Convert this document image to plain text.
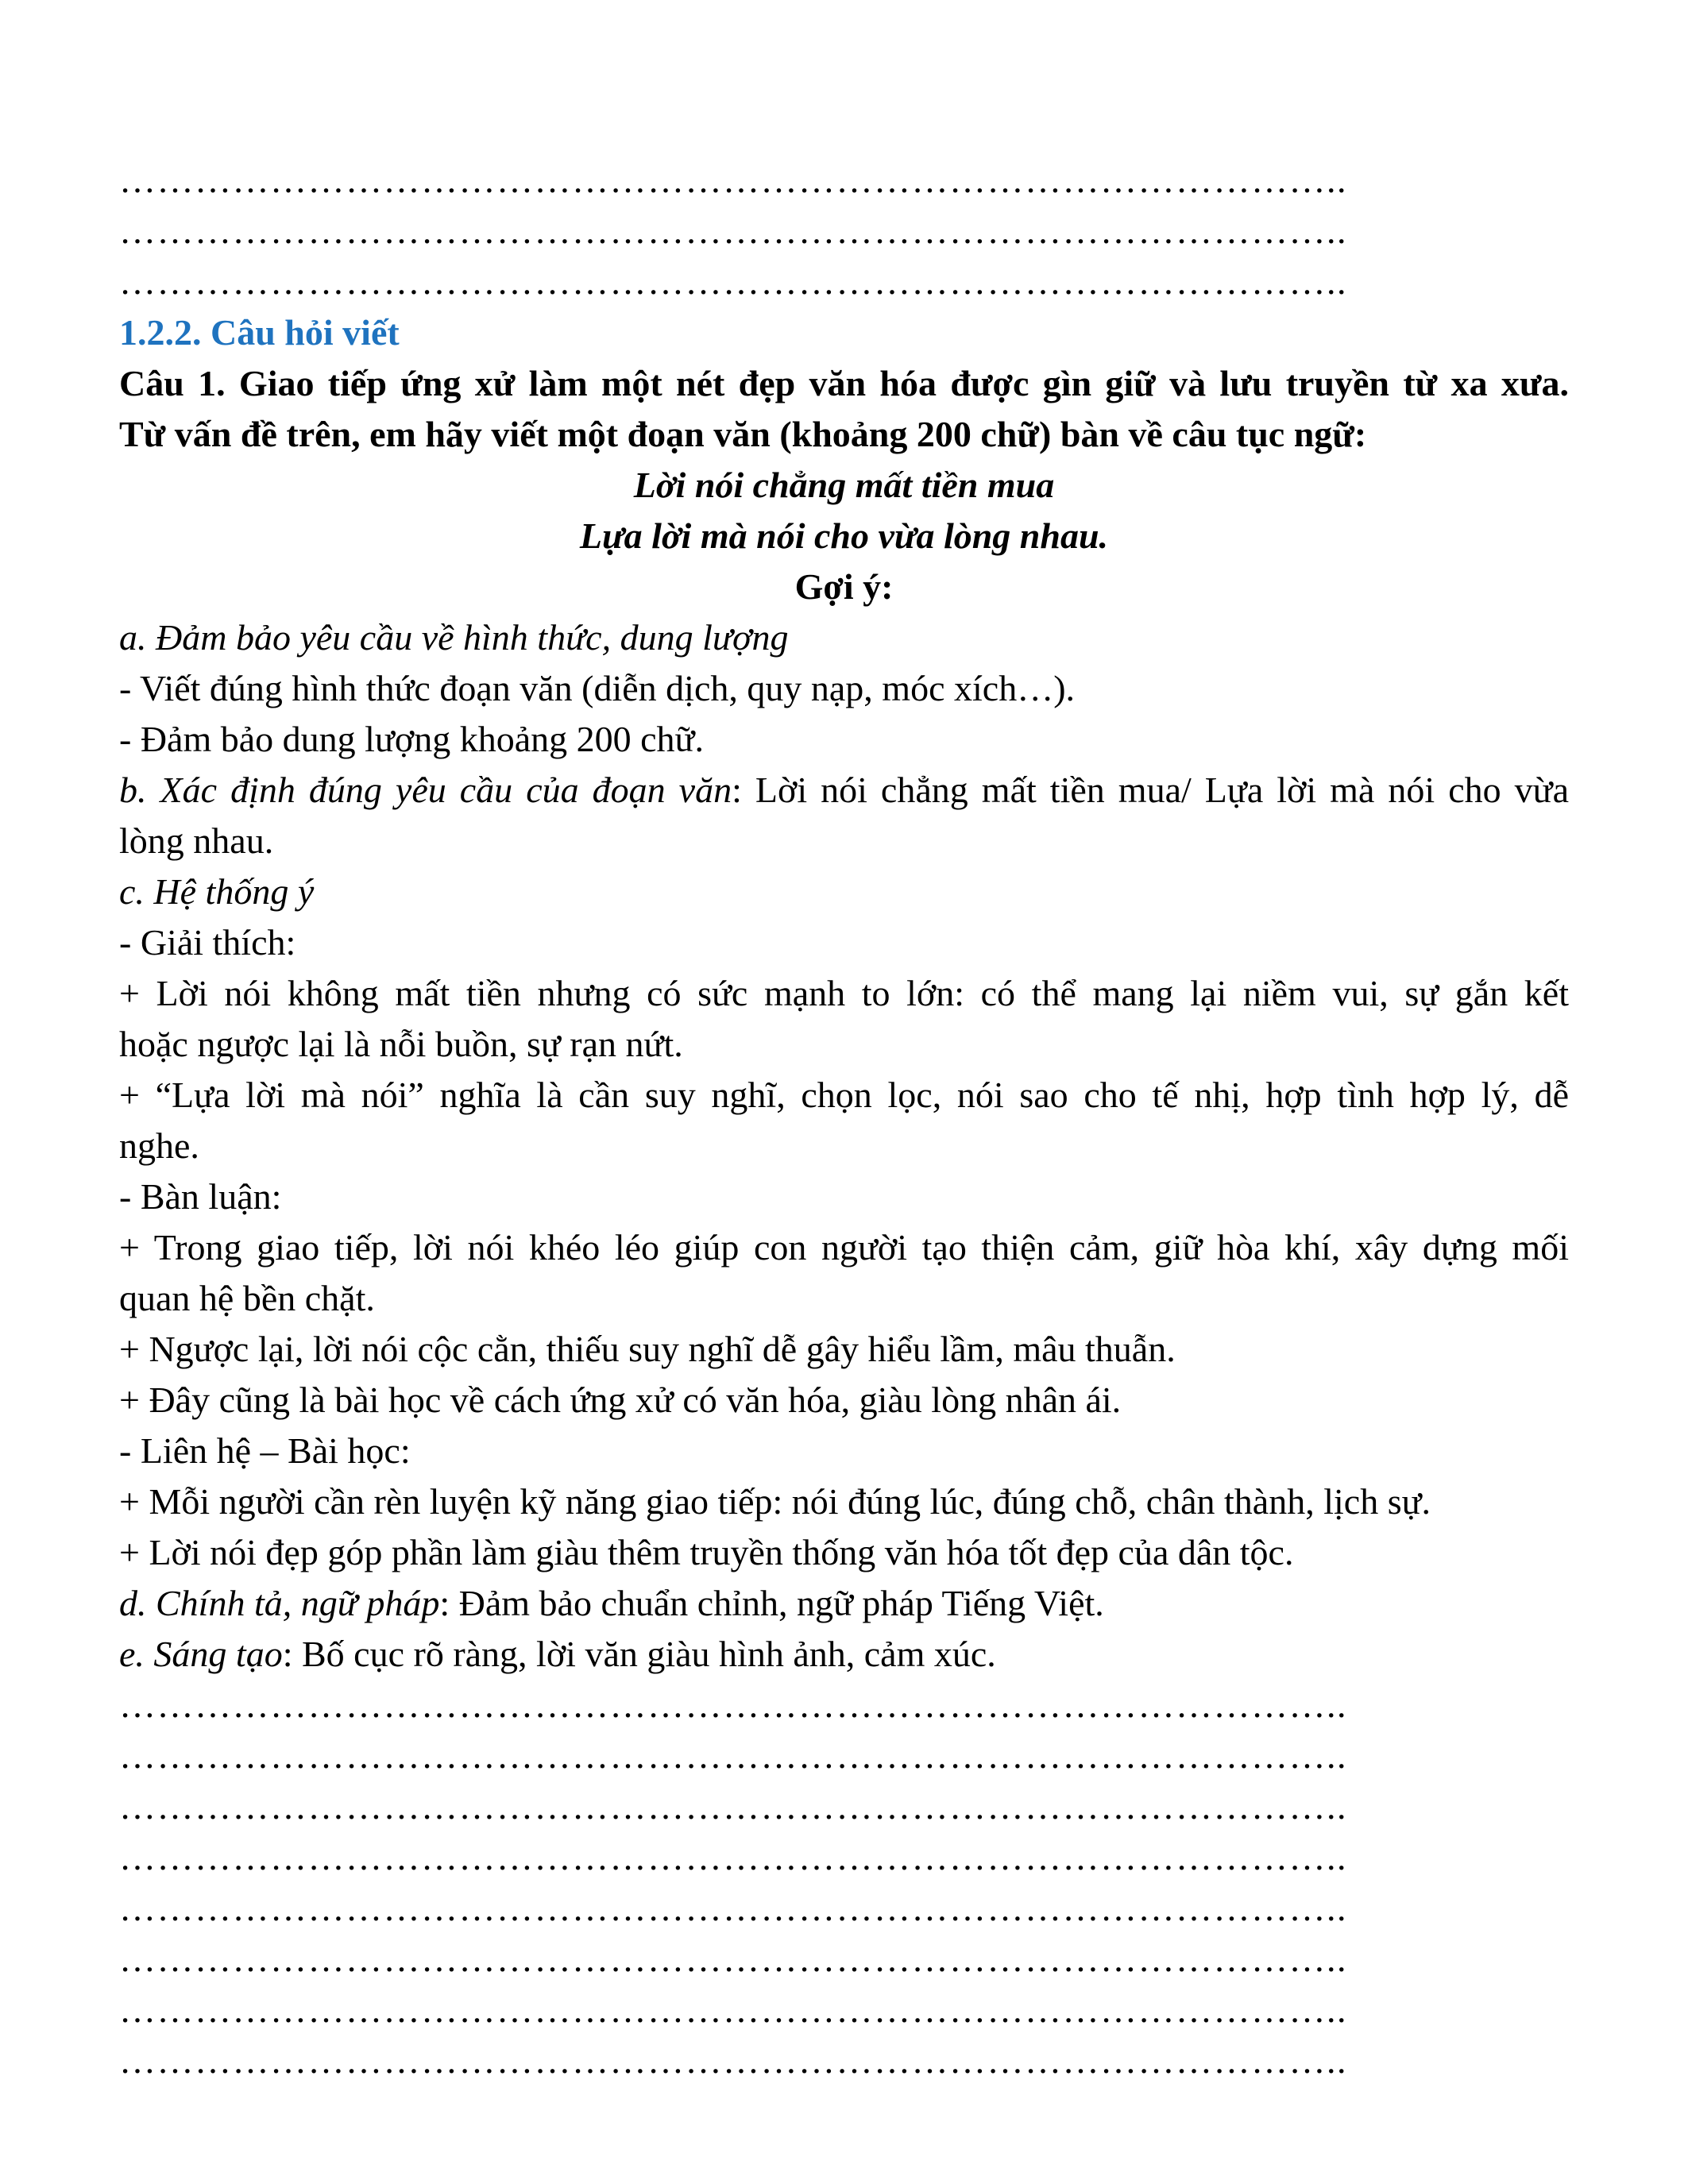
……………………………………………………………………………………..
……………………………………………………………………………………..
……………………………………………………………………………………..
1.2.2. Câu hỏi viết
Câu 1. Giao tiếp ứng xử làm một nét đẹp văn hóa được gìn giữ và lưu truyền từ xa xưa.
Từ vấn đề trên, em hãy viết một đoạn văn (khoảng 200 chữ) bàn về câu tục ngữ:
Lời nói chẳng mất tiền mua
Lựa lời mà nói cho vừa lòng nhau.
Gợi ý:
a. Đảm bảo yêu cầu về hình thức, dung lượng
- Viết đúng hình thức đoạn văn (diễn dịch, quy nạp, móc xích…).
- Đảm bảo dung lượng khoảng 200 chữ.
b. Xác định đúng yêu cầu của đoạn văn: Lời nói chẳng mất tiền mua/ Lựa lời mà nói cho vừa
lòng nhau.
c. Hệ thống ý
- Giải thích:
+ Lời nói không mất tiền nhưng có sức mạnh to lớn: có thể mang lại niềm vui, sự gắn kết
hoặc ngược lại là nỗi buồn, sự rạn nứt.
+ “Lựa lời mà nói” nghĩa là cần suy nghĩ, chọn lọc, nói sao cho tế nhị, hợp tình hợp lý, dễ
nghe.
- Bàn luận:
+ Trong giao tiếp, lời nói khéo léo giúp con người tạo thiện cảm, giữ hòa khí, xây dựng mối
quan hệ bền chặt.
+ Ngược lại, lời nói cộc cằn, thiếu suy nghĩ dễ gây hiểu lầm, mâu thuẫn.
+ Đây cũng là bài học về cách ứng xử có văn hóa, giàu lòng nhân ái.
- Liên hệ – Bài học:
+ Mỗi người cần rèn luyện kỹ năng giao tiếp: nói đúng lúc, đúng chỗ, chân thành, lịch sự.
+ Lời nói đẹp góp phần làm giàu thêm truyền thống văn hóa tốt đẹp của dân tộc.
d. Chính tả, ngữ pháp: Đảm bảo chuẩn chỉnh, ngữ pháp Tiếng Việt.
e. Sáng tạo: Bố cục rõ ràng, lời văn giàu hình ảnh, cảm xúc.
……………………………………………………………………………………..
……………………………………………………………………………………..
……………………………………………………………………………………..
……………………………………………………………………………………..
……………………………………………………………………………………..
……………………………………………………………………………………..
……………………………………………………………………………………..
……………………………………………………………………………………..
